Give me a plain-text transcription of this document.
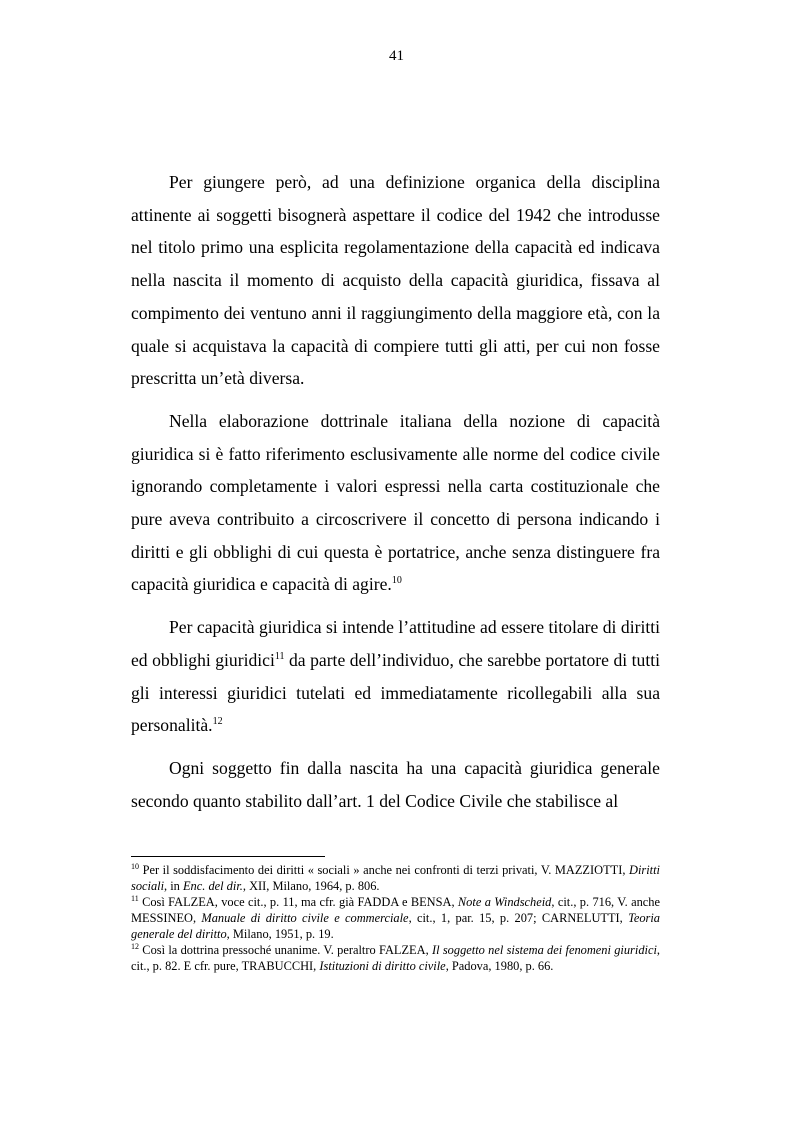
41

Per giungere però, ad una definizione organica della disciplina attinente ai soggetti bisognerà aspettare il codice del 1942 che introdusse nel titolo primo una esplicita regolamentazione della capacità ed indicava nella nascita il momento di acquisto della capacità giuridica, fissava al compimento dei ventuno anni il raggiungimento della maggiore età, con la quale si acquistava la capacità di compiere tutti gli atti, per cui non fosse prescritta un’età diversa.

Nella elaborazione dottrinale italiana della nozione di capacità giuridica si è fatto riferimento esclusivamente alle norme del codice civile ignorando completamente i valori espressi nella carta costituzionale che pure aveva contribuito a circoscrivere il concetto di persona indicando i diritti e gli obblighi di cui questa è portatrice, anche senza distinguere fra capacità giuridica e capacità di agire.$^{10}$

Per capacità giuridica si intende l’attitudine ad essere titolare di diritti ed obblighi giuridici$^{11}$ da parte dell’individuo, che sarebbe portatore di tutti gli interessi giuridici tutelati ed immediatamente ricollegabili alla sua personalità.$^{12}$

Ogni soggetto fin dalla nascita ha una capacità giuridica generale secondo quanto stabilito dall’art. 1 del Codice Civile che stabilisce al

$^{10}$ Per il soddisfacimento dei diritti « sociali » anche nei confronti di terzi privati, V. MAZZIOTTI, Diritti sociali, in Enc. del dir., XII, Milano, 1964, p. 806.

$^{11}$ Così FALZEA, voce cit., p. 11, ma cfr. già FADDA e BENSA, Note a Windscheid, cit., p. 716, V. anche MESSINEO, Manuale di diritto civile e commerciale, cit., 1, par. 15, p. 207; CARNELUTTI, Teoria generale del diritto, Milano, 1951, p. 19.

$^{12}$ Così la dottrina pressoché unanime. V. peraltro FALZEA, Il soggetto nel sistema dei fenomeni giuridici, cit., p. 82. E cfr. pure, TRABUCCHI, Istituzioni di diritto civile, Padova, 1980, p. 66.
